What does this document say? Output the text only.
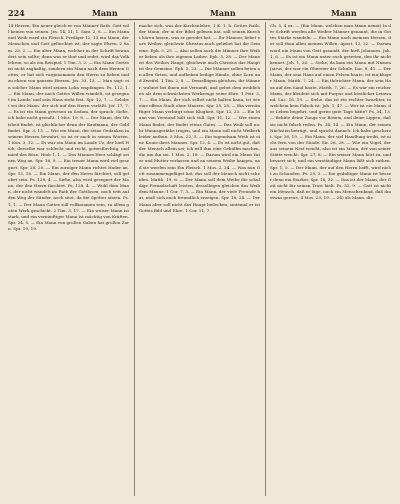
224	Mann	Mann	Mann
14 Herren; Ein neuer gleich er von Männer Rath. Gott will keinen von seinen. Jes. 14, 11; 1. Sam. 2, 8. — Ein Mann und Weib ward ein Fleisch. Prediger 12, 13 ein Mann, der Menschen und Gott gefürchtet ist, der sagte Ehren. 2 Sam. 23, 2. — Ein alter Mann, welcher in der Schrift bewandert sein sollte; denn was er thut und redet, wird das Volk lehren, so als ein Beispiel. 1 Tim. 3, 2. — Ein Mann Gottes ist nicht zaghaftig, sondern ein Mann nach dem Herzen Gottes; er hat sich vorgenommen den Herrn zu lieben und zu ehren von ganzem Herzen. Jes. 33, 15. — Man sagt: ein solcher Mann wird seinen Lohn empfangen. Ps. 112, 1. — Ein Mann, der nach Gottes Willen wandelt, ist gesegnet im Lande, und sein Haus steht fest. Spr. 12, 7. — Gelobet sei der Mann, der sich auf den Herrn verläßt. Jer. 17, 7. — Es ist ein Mann gewesen zu Sodom, der sprach: Siehe, ich habe nicht gewußt. 1 Mos. 19, 8. — Der Mann, der Weisheit findet, ist glücklicher denn der Kaufmann, der Gold findet. Spr. 3, 13. — Wie ein Mann, der seine Gedanken in seinem Herzen bewahrt, so ist er auch in seinen Worten. 1 Kön. 3, 12. — Es war ein Mann im Lande Uz, der hieß Hiob; derselbe war schlecht und recht, gottesfürchtig, und mied das Böse. Hiob 1, 1. — Des Mannes Herz schlägt seinen Weg an. Spr. 16, 9. — Ein treuer Mann wird viel gesegnet. Spr. 28, 20. — Ein zorniger Mann richtet Hader an. Spr. 15, 18. — Ein Mann, der den Herrn fürchtet, soll gelobet sein. Ps. 128, 4. — Siehe, also wird gesegnet der Mann, der den Herrn fürchtet. Ps. 128, 4. — Wohl dem Mann, der nicht wandelt im Rath der Gottlosen, noch tritt auf den Weg der Sünder, noch sitzt, da die Spötter sitzen. Ps. 1, 1. — Der Mann Gottes soll vollkommen sein, zu allem guten Werk geschickt. 2 Tim. 3, 17. — Ein weiser Mann ist stark, und ein vernünftiger Mann ist mächtig von Kräften. Spr. 24, 5. — Ein Mann von großen Gaben hat großen Zorn. Spr. 19, 19.
mache sich, was der Kirchenlehre, 1 K. 1. b. Gottes Rath, der Mann, der in der Bibel gelesen hat, soll seinen Knecht hören lassen, was er geredet hat. — Ihr Männer, liebet eure Weiber, gleichwie Christus auch geliebet hat die Gemeine. Eph. 5, 25. — Also sollen auch die Männer ihre Weiber lieben als ihre eigenen Leiber. Eph. 5, 28. — Der Mann ist des Weibes Haupt, gleichwie auch Christus das Haupt ist der Gemeine. Eph. 5, 23. — Die Männer sollen beten an allen Orten, und aufheben heilige Hände, ohne Zorn und Zweifel. 1 Tim. 2, 8. — Desselbigen gleichen, ihr Männer, wohnet bei ihnen mit Vernunft, und gebet dem weiblichen als dem schwächsten Werkzeuge seine Ehre. 1 Petr. 3, 7. — Ein Mann, der sich selbst nicht halten kann, ist wie eine offene Stadt ohne Mauern. Spr. 25, 28. — Ein vernünftiger Mann verbirgt seine Klugheit. Spr. 12, 23. — Ein Mann von Verstand hält sich still. Spr. 11, 12. — Wer einen Mann findet, der findet etwas Gutes. — Das Weib soll nicht Mannsgeräthe tragen, und ein Mann soll nicht Weiberkleider anthun. 5 Mos. 22, 5. — Ein tugendsam Weib ist eine Krone ihres Mannes. Spr. 12, 4. — Es ist nicht gut, daß der Mensch allein sei; ich will ihm eine Gehülfin machen, die um ihn sei. 1 Mos. 2, 18. — Darum wird ein Mann Vater und Mutter verlassen und an seinem Weibe hangen, und sie werden sein Ein Fleisch. 1 Mos. 2, 24. — Was nun Gott zusammengefüget hat, das soll der Mensch nicht scheiden. Matth. 19, 6. — Der Mann soll dem Weibe die schuldige Freundschaft leisten, desselbigen gleichen das Weib dem Manne. 1 Cor. 7, 3. — Ein Mann, der viele Freunde hat, muß sich auch freundlich erzeigen. Spr. 18, 24. — Der Mann aber soll nicht das Haupt bedecken, sintemal er ist Gottes Bild und Ehre. 1 Cor. 11, 7.
Ch. 5, 4 ex. — (Ein Mann, welchen man Mann nennt) In der Schrift werden alle Weiber Männer genannt, die in Gottes Stärke wandeln. — Ein Mann nach meinem Herzen, der soll thun allen meinen Willen. Apost. 13, 22. — Darum ward ein Mann von Gott gesandt, der hieß Johannes. Joh. 1, 6. — Es ist ein Mann unter euch getreten, den ihr nicht kennet. Joh. 1, 26. — Siehe, da kam ein Mann mit Namen Jairus, der war ein Oberster der Schule. Luc. 8, 41. — Der Mann, der sein Haus auf einen Felsen baute, ist ein kluger Mann. Matth. 7, 24. — Ein thörichter Mann, der sein Haus auf den Sand baute. Matth. 7, 26. — Es war ein reicher Mann, der kleidete sich mit Purpur und köstlicher Leinwand. Luc. 16, 19. — Siehe, das ist ein rechter Israeliter, in welchem kein Falsch ist. Joh. 1, 47. — Wer ist ein Mann, der Leben begehrt, und gerne gute Tage hätte? Ps. 34, 13. — Behüte deine Zunge vor Bösem, und deine Lippen, daß sie nicht falsch reden. Ps. 34, 14. — Ein Mann, der seinen Nächsten betrügt, und spricht danach: Ich habe gescherzt. Spr. 26, 19. — Ein Mann, der viel Handlung treibt, ist nicht fern von der Sünde. Sir. 26, 28. — Wie ein Vogel, der aus seinem Nest weicht, also ist ein Mann, der von seiner Stätte weicht. Spr. 27, 8. — Ein weiser Mann hört zu, und bessert sich; und ein verständiger Mann läßt sich rathen. Spr. 1, 5. — Der Mann, der auf den Herrn hofft, wird nicht zu Schanden. Ps. 25, 3. — Ein gedultiger Mann ist besser denn ein Starker. Spr. 16, 32. — Das ist der Mann, der Gott nicht für seinen Trost hielt. Ps. 52, 9. — Gott ist nicht ein Mensch, daß er lüge, noch ein Menschenkind, daß ihn etwas gereue. 4 Mos. 23, 19. — 24) als Mann, die
